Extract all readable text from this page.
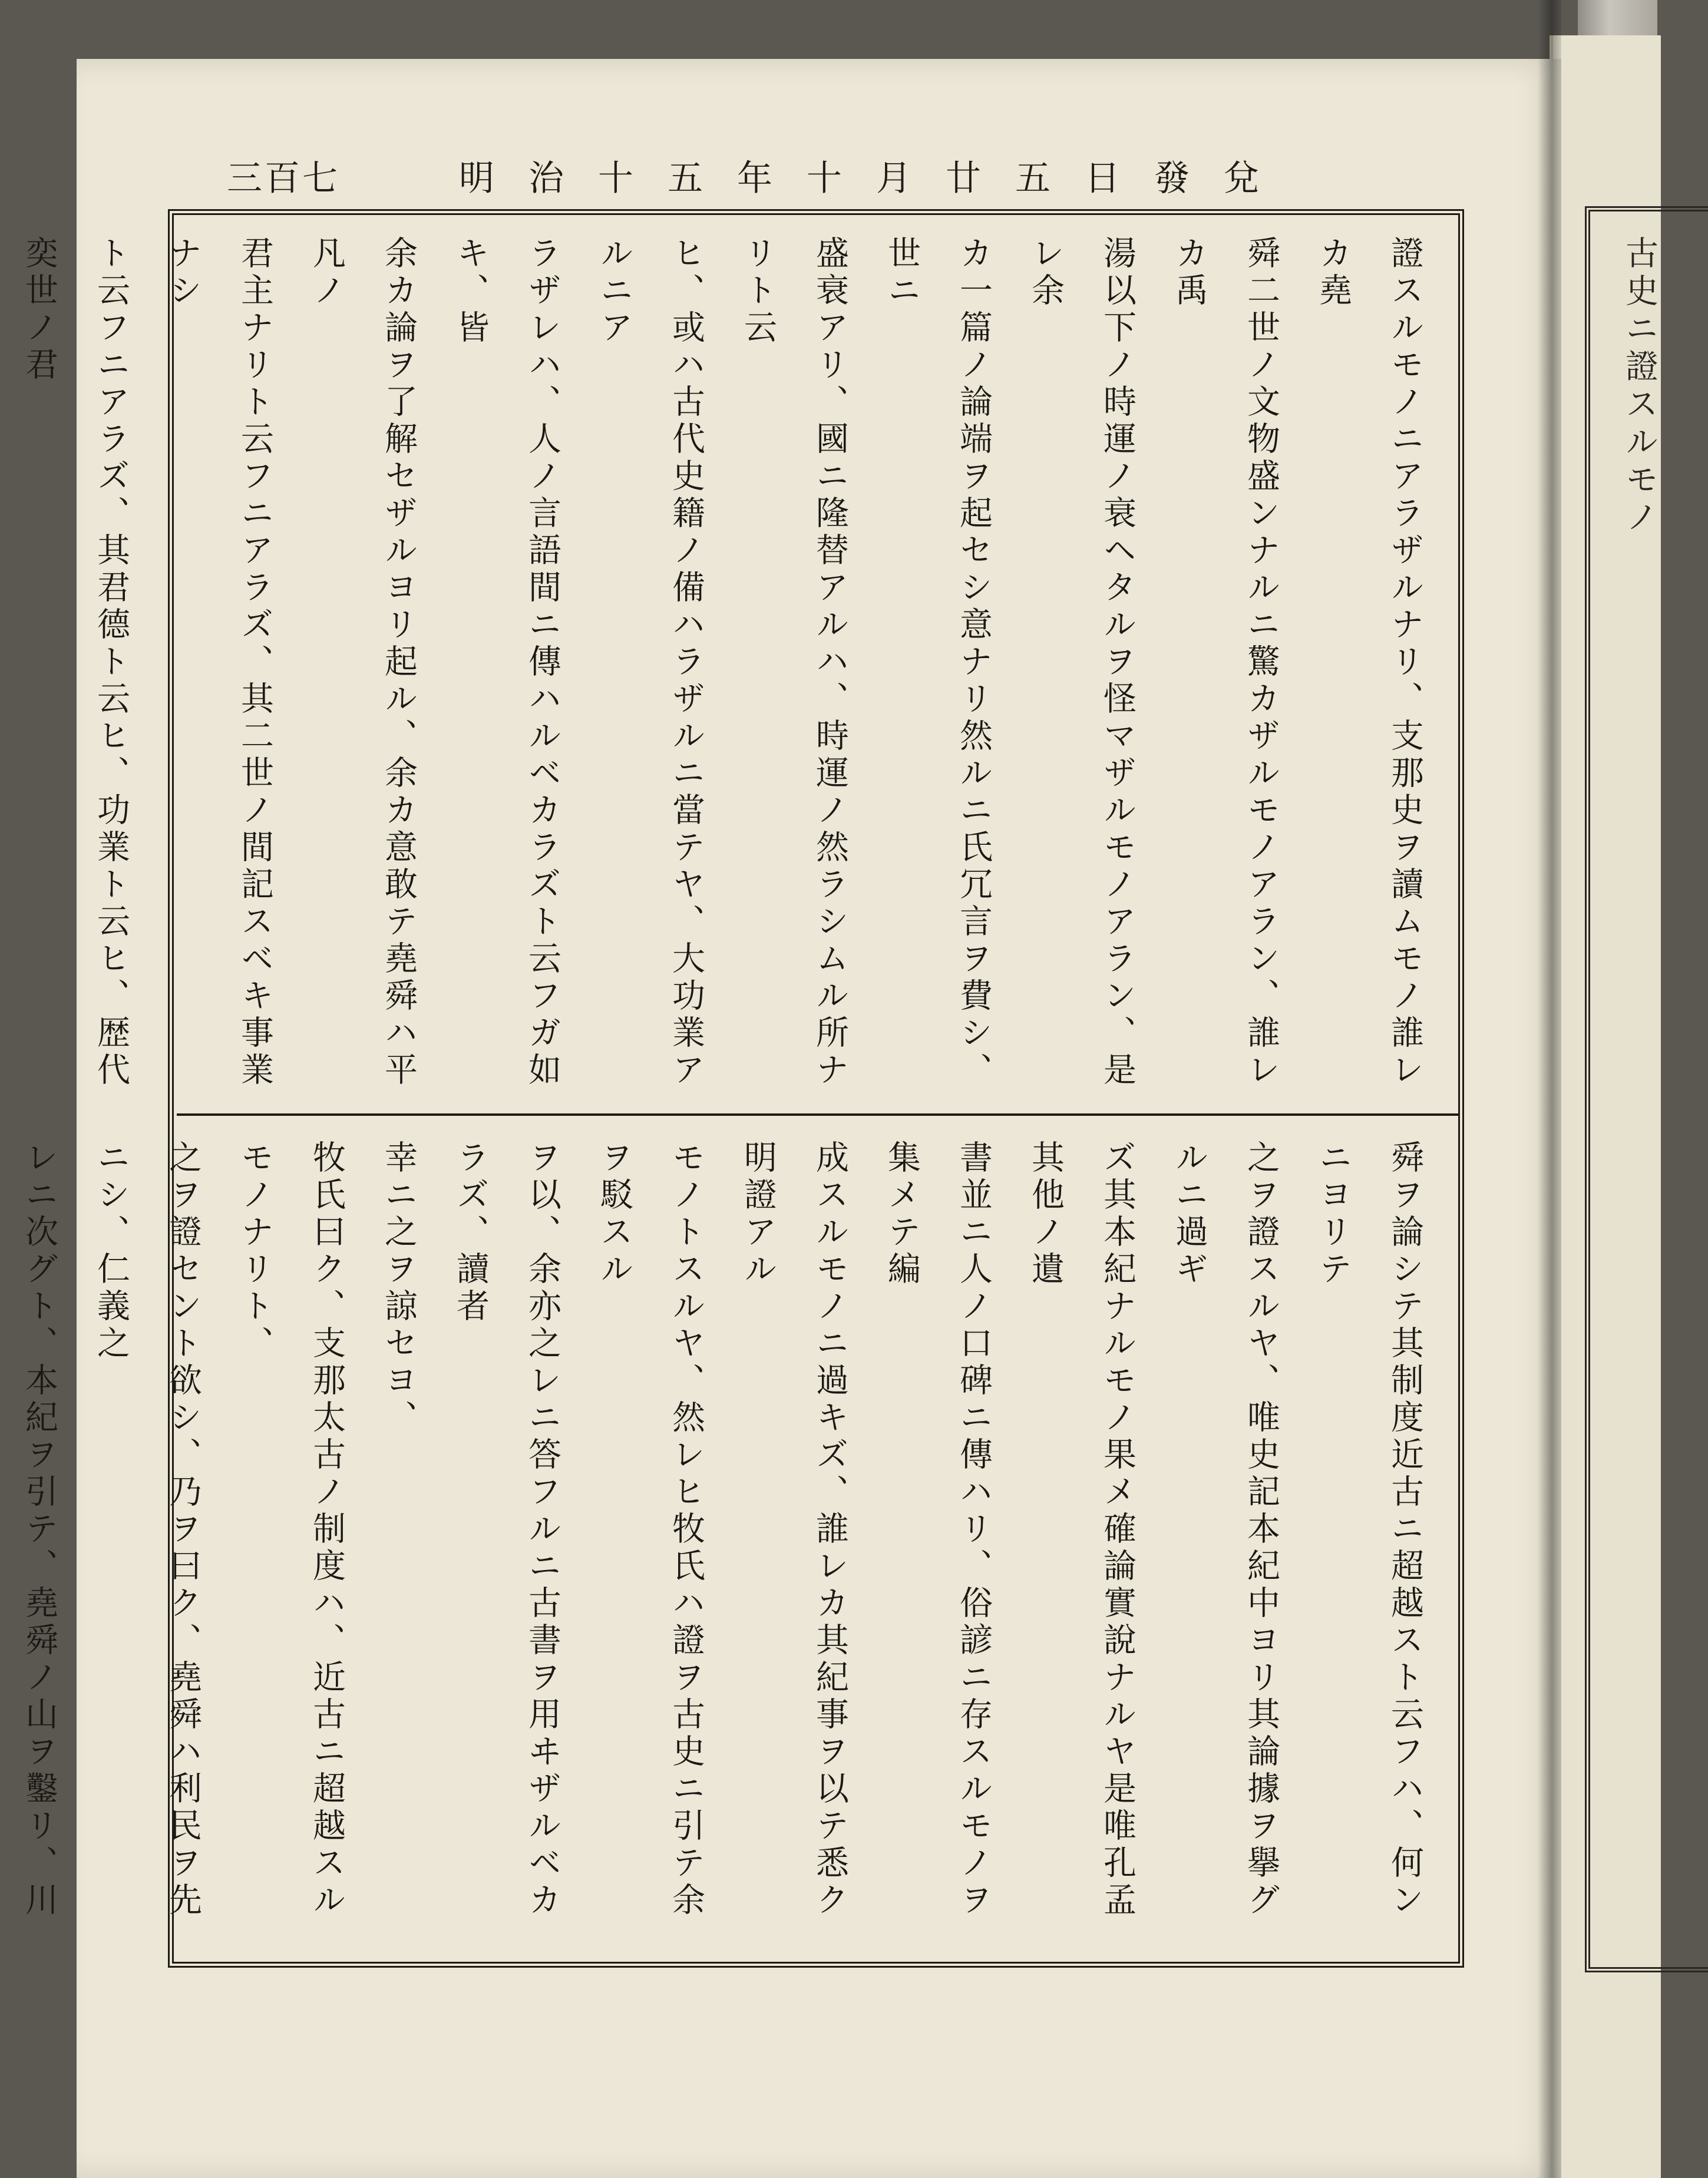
古史ニ證スルモノ
三百七	明治十五年十月廿五日發兌
證スルモノニアラザルナリ、支那史ヲ讀ムモノ誰レカ堯
舜二世ノ文物盛ンナルニ驚カザルモノアラン、誰レカ禹
湯以下ノ時運ノ衰ヘタルヲ怪マザルモノアラン、是レ余
カ一篇ノ論端ヲ起セシ意ナリ然ルニ氏冗言ヲ費シ、世ニ
盛衰アリ、國ニ隆替アルハ、時運ノ然ラシムル所ナリト云
ヒ、或ハ古代史籍ノ備ハラザルニ當テヤ、大功業アルニア
ラザレハ、人ノ言語間ニ傳ハルベカラズト云フガ如キ、皆
余カ論ヲ了解セザルヨリ起ル、余カ意敢テ堯舜ハ平凡ノ
君主ナリト云フニアラズ、其二世ノ間記スベキ事業ナシ
ト云フニアラズ、其君德ト云ヒ、功業ト云ヒ、歴代奕世ノ君
舜ヲ論シテ其制度近古ニ超越スト云フハ、何ンニヨリテ
之ヲ證スルヤ、唯史記本紀中ヨリ其論據ヲ擧グルニ過ギ
ズ其本紀ナルモノ果メ確論實說ナルヤ是唯孔孟其他ノ遺
書並ニ人ノ口碑ニ傳ハリ、俗諺ニ存スルモノヲ集メテ編
成スルモノニ過キズ、誰レカ其紀事ヲ以テ悉ク明證アル
モノトスルヤ、然レヒ牧氏ハ證ヲ古史ニ引テ余ヲ駁スル
ヲ以、余亦之レニ答フルニ古書ヲ用ヰザルベカラズ、讀者
幸ニ之ヲ諒セヨ、
牧氏曰ク、支那太古ノ制度ハ、近古ニ超越スルモノナリト、
之ヲ證セント欲シ、乃ヲ曰ク、堯舜ハ利民ヲ先ニシ、仁義之
レニ次グト、本紀ヲ引テ、堯舜ノ山ヲ鑿リ、川
